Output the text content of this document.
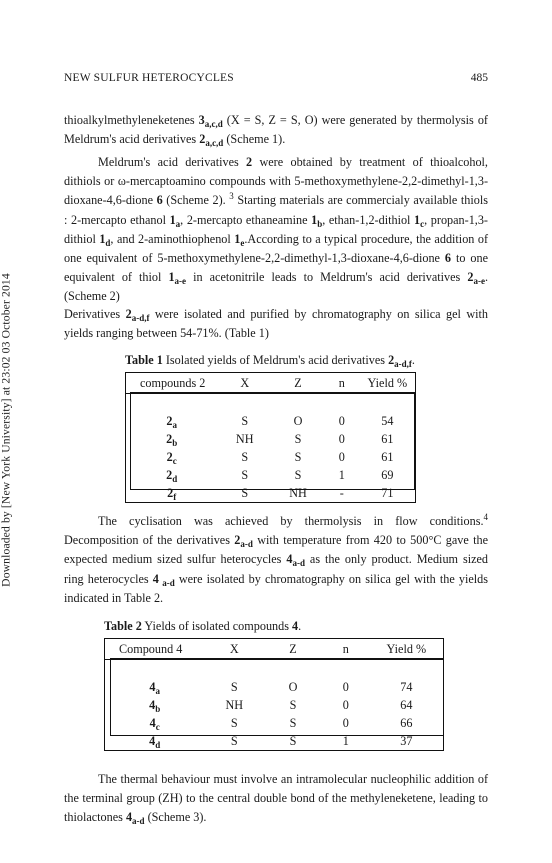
Downloaded by [New York University] at 23:02 03 October 2014
NEW SULFUR HETEROCYCLES	485

thioalkylmethyleneketenes $3_{a,c,d}$ (X = S, Z = S, O) were generated by thermolysis of Meldrum's acid derivatives $2_{a,c,d}$ (Scheme 1).

Meldrum's acid derivatives 2 were obtained by treatment of thioalcohol, dithiols or ω-mercaptoamino compounds with 5-methoxymethylene-2,2-dimethyl-1,3-dioxane-4,6-dione 6 (Scheme 2). $^3$ Starting materials are commercialy available thiols : 2-mercapto ethanol $1_a$, 2-mercapto ethaneamine $1_b$, ethan-1,2-dithiol $1_c$, propan-1,3-dithiol $1_d$, and 2-aminothiophenol $1_e.According$ to a typical procedure, the addition of one equivalent of 5-methoxymethylene-2,2-dimethyl-1,3-dioxane-4,6-dione 6 to one equivalent of thiol $1_{a-e}$ in acetonitrile leads to Meldrum's acid derivatives $2_{a-e}$. (Scheme 2)

Derivatives $2_{a-d,f}$ were isolated and purified by chromatography on silica gel with yields ranging between 54-71%. (Table 1)

Table 1 Isolated yields of Meldrum's acid derivatives $2_{a-d,f}$.
compounds 2	X	Z	n	Yield %

$2_a$	S	O	0	54
$2_b$	NH	S	0	61
$2_c$	S	S	0	61
$2_d$	S	S	1	69
$2_f$	S	NH	-	71

The cyclisation was achieved by thermolysis in flow conditions.$^4$ Decomposition of the derivatives $2_{a-d}$ with temperature from 420 to 500°C gave the expected medium sized sulfur heterocycles $4_{a-d}$ as the only product. Medium sized ring heterocycles 4 $_{a-d}$ were isolated by chromatography on silica gel with the yields indicated in Table 2.

Table 2 Yields of isolated compounds 4.
Compound 4	X	Z	n	Yield %

$4_a$	S	O	0	74
$4_b$	NH	S	0	64
$4_c$	S	S	0	66
$4_d$	S	S	1	37

The thermal behaviour must involve an intramolecular nucleophilic addition of the terminal group (ZH) to the central double bond of the methyleneketene, leading to thiolactones $4_{a-d}$ (Scheme 3).
